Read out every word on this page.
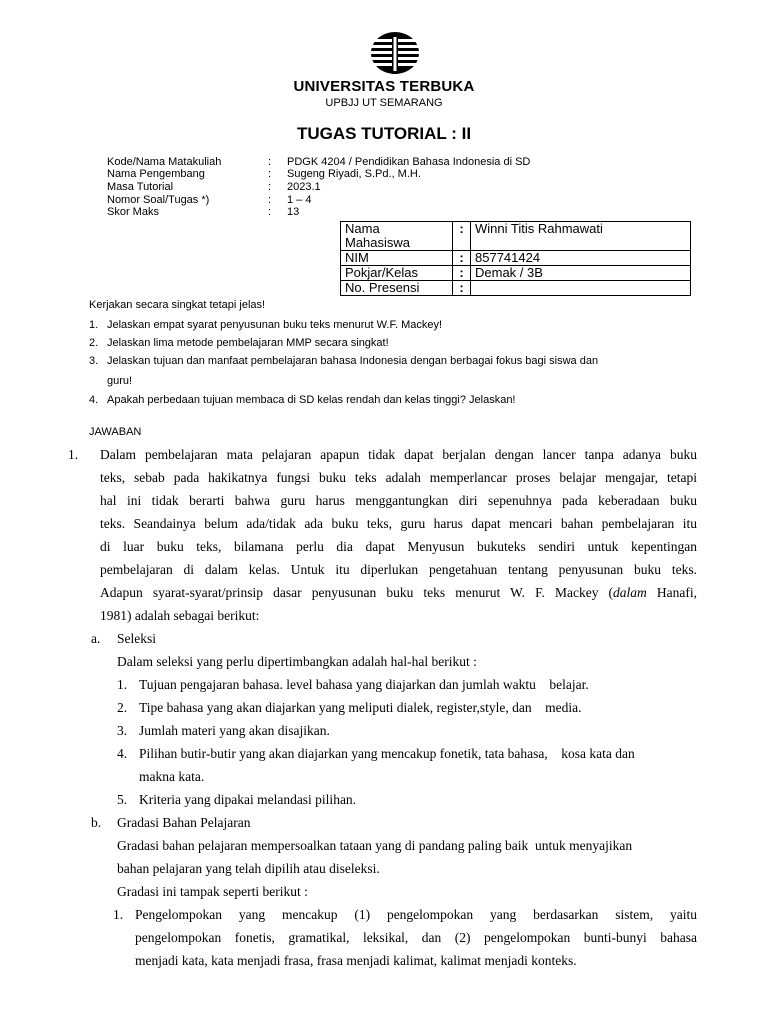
UNIVERSITAS TERBUKA
UPBJJ UT SEMARANG
TUGAS TUTORIAL : II
Kode/Nama Matakuliah	: PDGK 4204 / Pendidikan Bahasa Indonesia di SD
Nama Pengembang	: Sugeng Riyadi, S.Pd., M.H.
Masa Tutorial	: 2023.1
Nomor Soal/Tugas *)	: 1 – 4
Skor Maks	: 13
Nama
Mahasiswa	:	Winni Titis Rahmawati
NIM	:	857741424
Pokjar/Kelas	:	Demak / 3B
No. Presensi	:	
Kerjakan secara singkat tetapi jelas!
1. Jelaskan empat syarat penyusunan buku teks menurut W.F. Mackey!
2. Jelaskan lima metode pembelajaran MMP secara singkat!
3. Jelaskan tujuan dan manfaat pembelajaran bahasa Indonesia dengan berbagai fokus bagi siswa dan
guru!
4. Apakah perbedaan tujuan membaca di SD kelas rendah dan kelas tinggi? Jelaskan!
JAWABAN
1. Dalam pembelajaran mata pelajaran apapun tidak dapat berjalan dengan lancer tanpa adanya buku
teks, sebab pada hakikatnya fungsi buku teks adalah memperlancar proses belajar mengajar, tetapi
hal ini tidak berarti bahwa guru harus menggantungkan diri sepenuhnya pada keberadaan buku
teks. Seandainya belum ada/tidak ada buku teks, guru harus dapat mencari bahan pembelajaran itu
di luar buku teks, bilamana perlu dia dapat Menyusun bukuteks sendiri untuk kepentingan
pembelajaran di dalam kelas. Untuk itu diperlukan pengetahuan tentang penyusunan buku teks.
Adapun syarat-syarat/prinsip dasar penyusunan buku teks menurut W. F. Mackey (dalam Hanafi,
1981) adalah sebagai berikut:
a. Seleksi
Dalam seleksi yang perlu dipertimbangkan adalah hal-hal berikut :
1. Tujuan pengajaran bahasa. level bahasa yang diajarkan dan jumlah waktu    belajar.
2. Tipe bahasa yang akan diajarkan yang meliputi dialek, register,style, dan    media.
3. Jumlah materi yang akan disajikan.
4. Pilihan butir-butir yang akan diajarkan yang mencakup fonetik, tata bahasa,    kosa kata dan
makna kata.
5. Kriteria yang dipakai melandasi pilihan.
b. Gradasi Bahan Pelajaran
Gradasi bahan pelajaran mempersoalkan tataan yang di pandang paling baik  untuk menyajikan
bahan pelajaran yang telah dipilih atau diseleksi.
Gradasi ini tampak seperti berikut :
1. Pengelompokan yang mencakup (1) pengelompokan yang berdasarkan sistem, yaitu
pengelompokan fonetis, gramatikal, leksikal, dan (2) pengelompokan bunti-bunyi bahasa
menjadi kata, kata menjadi frasa, frasa menjadi kalimat, kalimat menjadi konteks.
